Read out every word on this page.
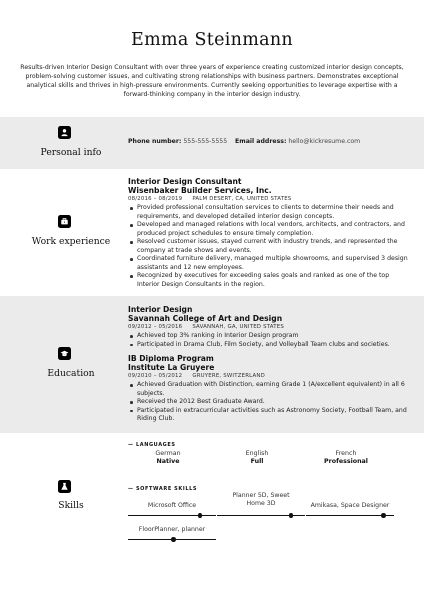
Emma Steinmann
Results-driven Interior Design Consultant with over three years of experience creating customized interior design concepts, problem-solving customer issues, and cultivating strong relationships with business partners. Demonstrates exceptional analytical skills and thrives in high-pressure environments. Currently seeking opportunities to leverage expertise with a forward-thinking company in the interior design industry.
Personal info
Phone number: 555-555-5555 Email address: hello@kickresume.com
Work experience
Interior Design Consultant
Wisenbaker Builder Services, Inc.
08/2016 – 08/2019 PALM DESERT, CA, UNITED STATES
Provided professional consultation services to clients to determine their needs and requirements, and developed detailed interior design concepts.
Developed and managed relations with local vendors, architects, and contractors, and produced project schedules to ensure timely completion.
Resolved customer issues, stayed current with industry trends, and represented the company at trade shows and events.
Coordinated furniture delivery, managed multiple showrooms, and supervised 3 design assistants and 12 new employees.
Recognized by executives for exceeding sales goals and ranked as one of the top Interior Design Consultants in the region.
Education
Interior Design
Savannah College of Art and Design
09/2012 – 05/2016 SAVANNAH, GA, UNITED STATES
Achieved top 3% ranking in Interior Design program
Participated in Drama Club, Film Society, and Volleyball Team clubs and societies.
IB Diploma Program
Institute La Gruyere
09/2010 – 05/2012 GRUYERE, SWITZERLAND
Achieved Graduation with Distinction, earning Grade 1 (A/excellent equivalent) in all 6 subjects.
Received the 2012 Best Graduate Award.
Participated in extracurricular activities such as Astronomy Society, Football Team, and Riding Club.
Skills
— LANGUAGES
German
Native
English
Full
French
Professional
— SOFTWARE SKILLS
Microsoft Office
Planner 5D, Sweet Home 3D	Amikasa, Space Designer
FloorPlanner, planner
